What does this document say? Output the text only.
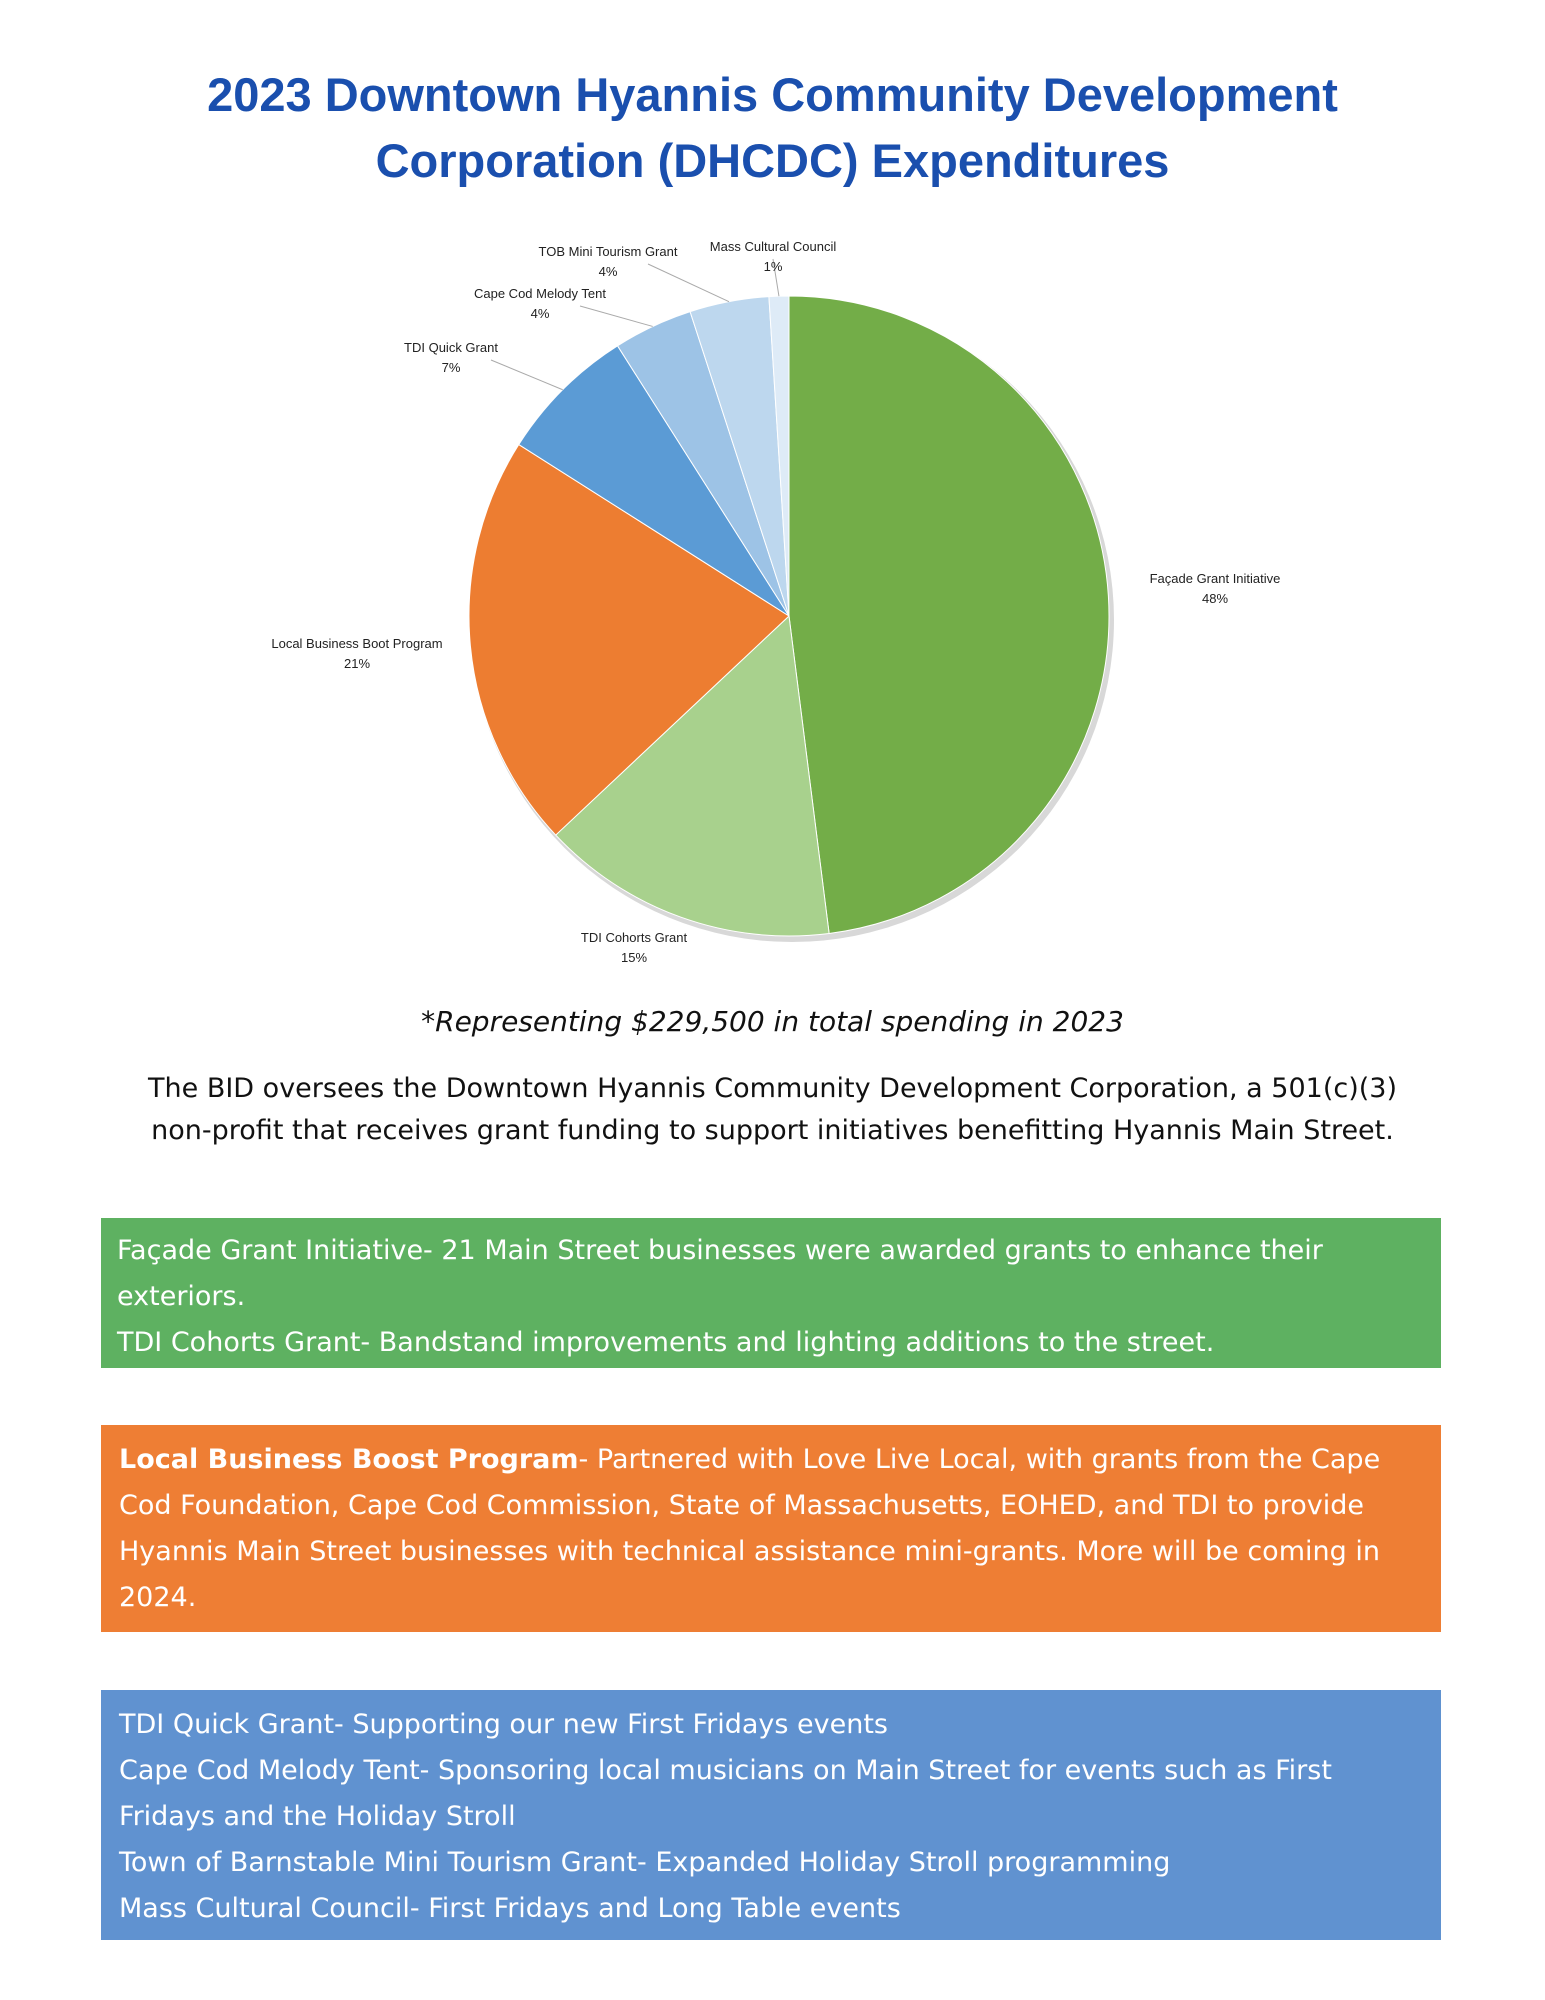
2023 Downtown Hyannis Community Development
Corporation (DHCDC) Expenditures
Façade Grant Initiative
48%
TDI Cohorts Grant
15%
Local Business Boot Program
21%
TDI Quick Grant
7%
Cape Cod Melody Tent
4%
TOB Mini Tourism Grant
4%
Mass Cultural Council
1%
*Representing $229,500 in total spending in 2023
The BID oversees the Downtown Hyannis Community Development Corporation, a 501(c)(3) non-profit that receives grant funding to support initiatives benefitting Hyannis Main Street.

Façade Grant Initiative- 21 Main Street businesses were awarded grants to enhance their exteriors.

TDI Cohorts Grant- Bandstand improvements and lighting additions to the street.

Local Business Boost Program- Partnered with Love Live Local, with grants from the Cape Cod Foundation, Cape Cod Commission, State of Massachusetts, EOHED, and TDI to provide Hyannis Main Street businesses with technical assistance mini-grants. More will be coming in 2024.

TDI Quick Grant- Supporting our new First Fridays events

Cape Cod Melody Tent- Sponsoring local musicians on Main Street for events such as First Fridays and the Holiday Stroll

Town of Barnstable Mini Tourism Grant- Expanded Holiday Stroll programming

Mass Cultural Council- First Fridays and Long Table events
